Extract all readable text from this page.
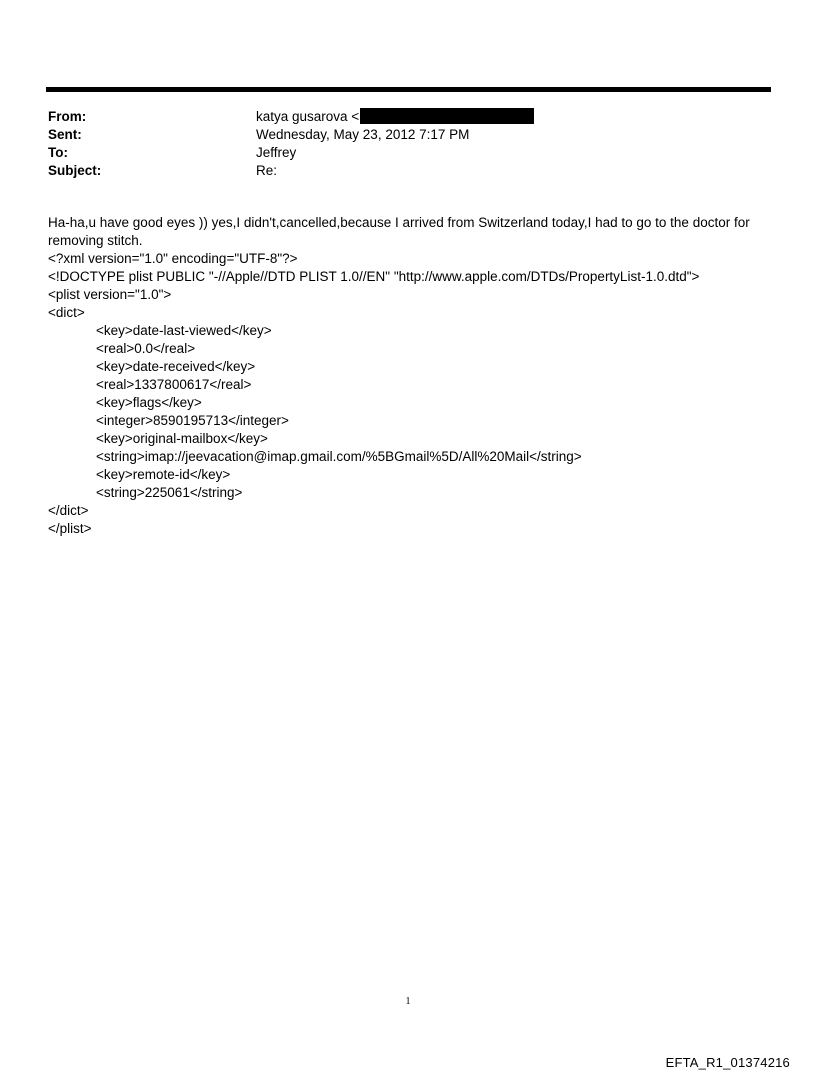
From:	katya gusarova <
Sent:	Wednesday, May 23, 2012 7:17 PM
To:	Jeffrey
Subject:	Re:
Ha-ha,u have good eyes )) yes,I didn't,cancelled,because I arrived from Switzerland today,I had to go to the doctor for removing stitch.
<?xml version="1.0" encoding="UTF-8"?>
<!DOCTYPE plist PUBLIC "-//Apple//DTD PLIST 1.0//EN" "http://www.apple.com/DTDs/PropertyList-1.0.dtd">
<plist version="1.0">
<dict>
<key>date-last-viewed</key>
<real>0.0</real>
<key>date-received</key>
<real>1337800617</real>
<key>flags</key>
<integer>8590195713</integer>
<key>original-mailbox</key>
<string>imap://jeevacation@imap.gmail.com/%5BGmail%5D/All%20Mail</string>
<key>remote-id</key>
<string>225061</string>
</dict>
</plist>
1
EFTA_R1_01374216
